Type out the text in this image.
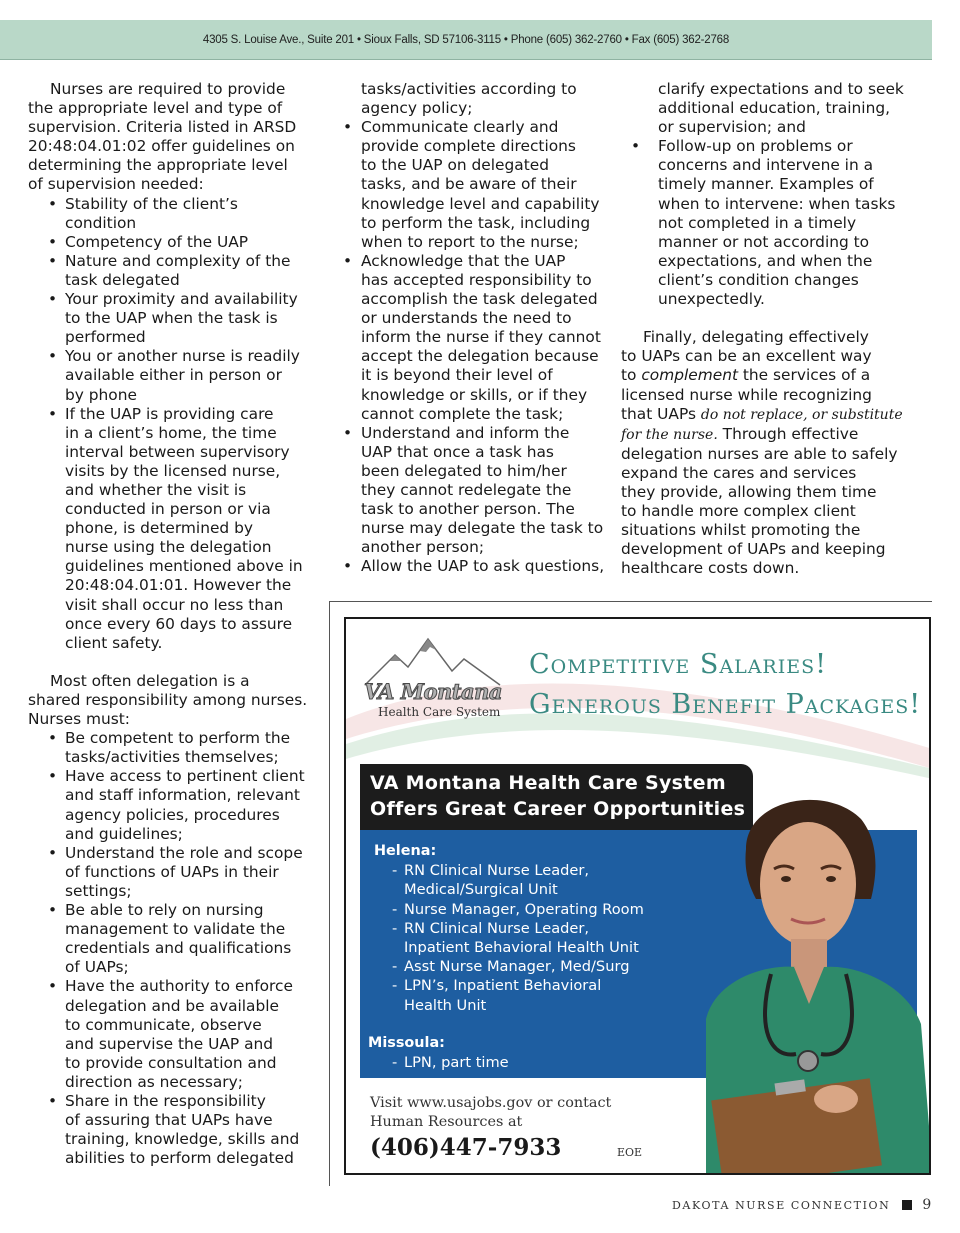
4305 S. Louise Ave., Suite 201 • Sioux Falls, SD 57106-3115 • Phone (605) 362-2760 • Fax (605) 362-2768

Nurses are required to provide

the appropriate level and type of

supervision. Criteria listed in ARSD

20:48:04.01:02 offer guidelines on

determining the appropriate level

of supervision needed:

• Stability of the client’s
condition
• Competency of the UAP
• Nature and complexity of the
task delegated
• Your proximity and availability
to the UAP when the task is
performed
• You or another nurse is readily
available either in person or
by phone
• If the UAP is providing care
in a client’s home, the time
interval between supervisory
visits by the licensed nurse,
and whether the visit is
conducted in person or via
phone, is determined by
nurse using the delegation
guidelines mentioned above in
20:48:04.01:01. However the
visit shall occur no less than
once every 60 days to assure
client safety.

Most often delegation is a

shared responsibility among nurses.

Nurses must:

• Be competent to perform the
tasks/activities themselves;
• Have access to pertinent client
and staff information, relevant
agency policies, procedures
and guidelines;
• Understand the role and scope
of functions of UAPs in their
settings;
• Be able to rely on nursing
management to validate the
credentials and qualifications
of UAPs;
• Have the authority to enforce
delegation and be available
to communicate, observe
and supervise the UAP and
to provide consultation and
direction as necessary;
• Share in the responsibility
of assuring that UAPs have
training, knowledge, skills and
abilities to perform delegated

tasks/activities according to

agency policy;

• Communicate clearly and
provide complete directions
to the UAP on delegated
tasks, and be aware of their
knowledge level and capability
to perform the task, including
when to report to the nurse;
• Acknowledge that the UAP
has accepted responsibility to
accomplish the task delegated
or understands the need to
inform the nurse if they cannot
accept the delegation because
it is beyond their level of
knowledge or skills, or if they
cannot complete the task;
• Understand and inform the
UAP that once a task has
been delegated to him/her
they cannot redelegate the
task to another person. The
nurse may delegate the task to
another person;
• Allow the UAP to ask questions,

clarify expectations and to seek

additional education, training,

or supervision; and

• Follow-up on problems or
concerns and intervene in a
timely manner. Examples of
when to intervene: when tasks
not completed in a timely
manner or not according to
expectations, and when the
client’s condition changes
unexpectedly.

Finally, delegating effectively

to UAPs can be an excellent way

to complement the services of a

licensed nurse while recognizing

that UAPs do not replace, or substitute

for the nurse. Through effective

delegation nurses are able to safely

expand the cares and services

they provide, allowing them time

to handle more complex client

situations whilst promoting the

development of UAPs and keeping

healthcare costs down.

VA Montana
Health Care System
Competitive Salaries!
Generous Benefit Packages!
VA Montana Health Care System
Offers Great Career Opportunities
Helena:
- RN Clinical Nurse Leader,
Medical/Surgical Unit
- Nurse Manager, Operating Room
- RN Clinical Nurse Leader,
Inpatient Behavioral Health Unit
- Asst Nurse Manager, Med/Surg
- LPN’s, Inpatient Behavioral
Health Unit
Missoula:
- LPN, part time
Visit www.usajobs.gov or contact
Human Resources at
(406)447-7933	EOE
DAKOTA NURSE CONNECTION 9
